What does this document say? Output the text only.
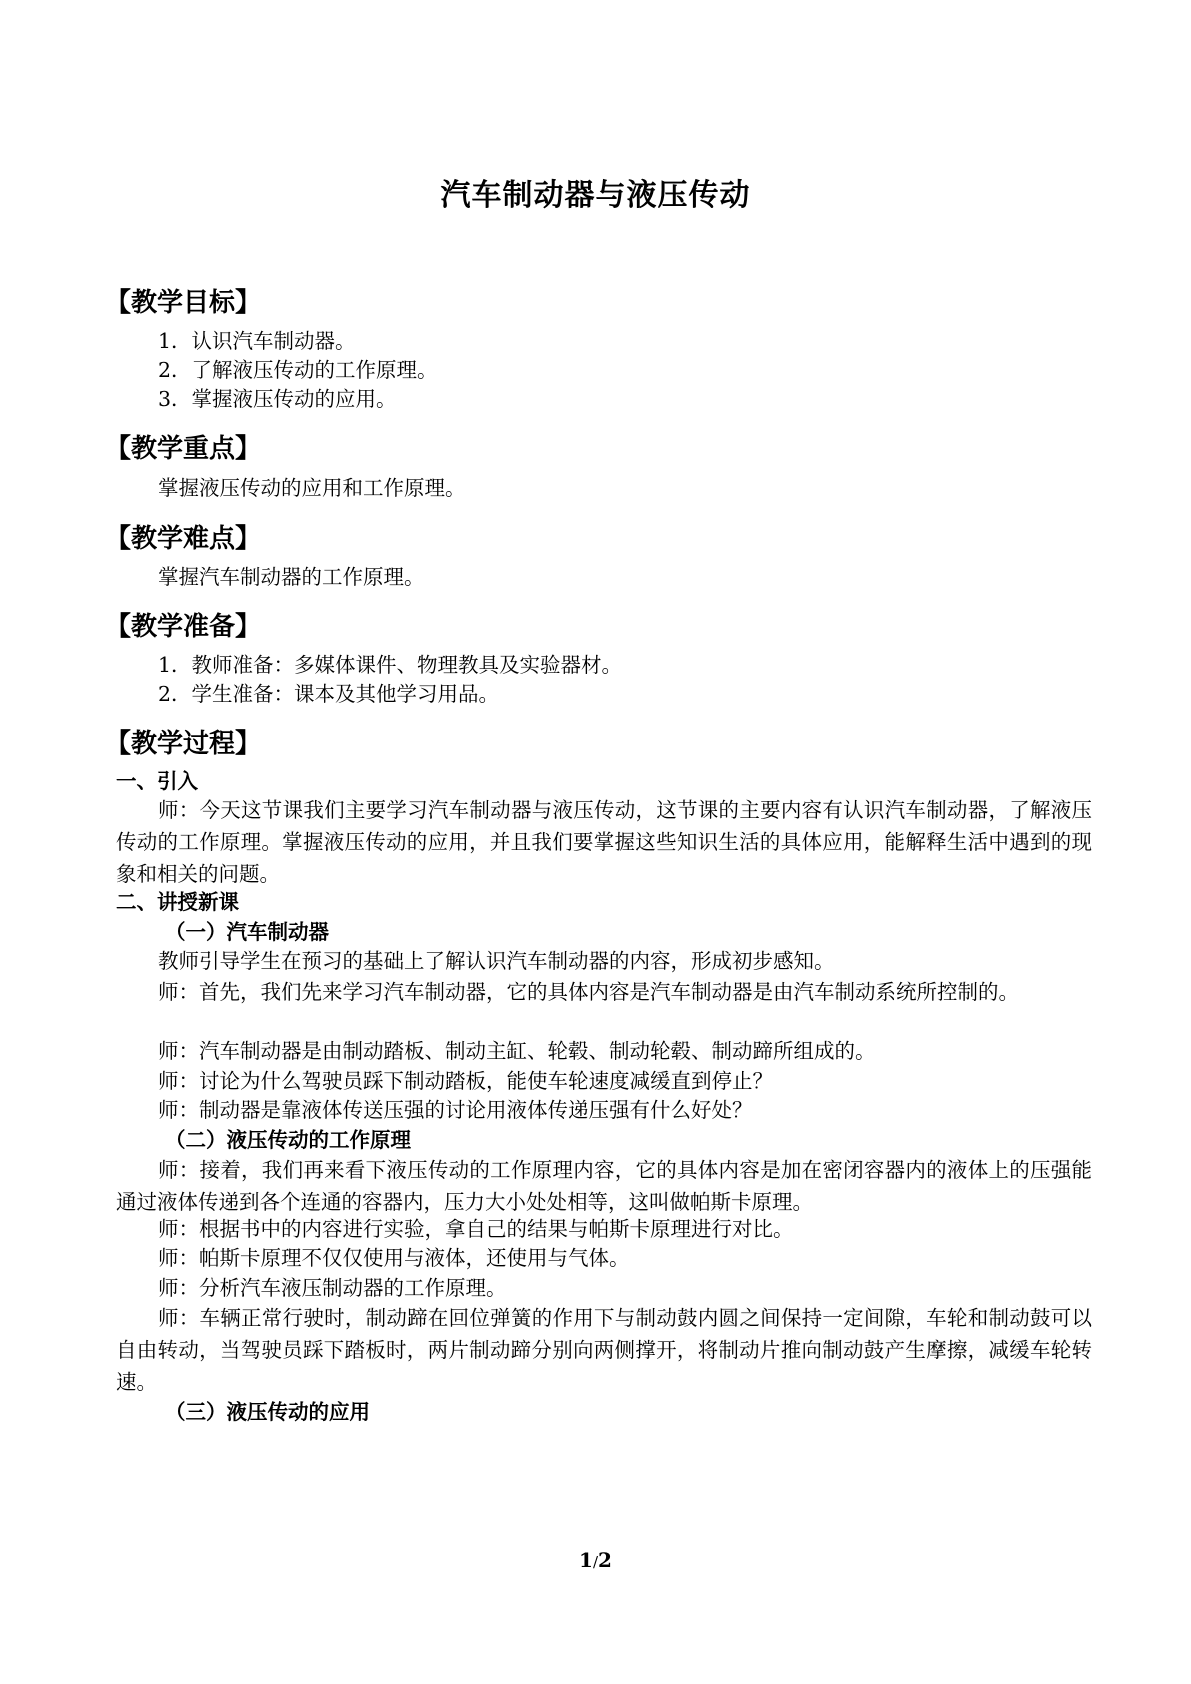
汽车制动器与液压传动
【教学目标】
1．认识汽车制动器。
2．了解液压传动的工作原理。
3．掌握液压传动的应用。
【教学重点】
掌握液压传动的应用和工作原理。
【教学难点】
掌握汽车制动器的工作原理。
【教学准备】
1．教师准备：多媒体课件、物理教具及实验器材。
2．学生准备：课本及其他学习用品。
【教学过程】
一、引入
师：今天这节课我们主要学习汽车制动器与液压传动，这节课的主要内容有认识汽车制动器，了解液压传动的工作原理。掌握液压传动的应用，并且我们要掌握这些知识生活的具体应用，能解释生活中遇到的现象和相关的问题。
二、讲授新课
（一）汽车制动器
教师引导学生在预习的基础上了解认识汽车制动器的内容，形成初步感知。
师：首先，我们先来学习汽车制动器，它的具体内容是汽车制动器是由汽车制动系统所控制的。
师：汽车制动器是由制动踏板、制动主缸、轮毂、制动轮毂、制动蹄所组成的。
师：讨论为什么驾驶员踩下制动踏板，能使车轮速度减缓直到停止？
师：制动器是靠液体传送压强的讨论用液体传递压强有什么好处？
（二）液压传动的工作原理
师：接着，我们再来看下液压传动的工作原理内容，它的具体内容是加在密闭容器内的液体上的压强能通过液体传递到各个连通的容器内，压力大小处处相等，这叫做帕斯卡原理。
师：根据书中的内容进行实验，拿自己的结果与帕斯卡原理进行对比。
师：帕斯卡原理不仅仅使用与液体，还使用与气体。
师：分析汽车液压制动器的工作原理。
师：车辆正常行驶时，制动蹄在回位弹簧的作用下与制动鼓内圆之间保持一定间隙，车轮和制动鼓可以自由转动，当驾驶员踩下踏板时，两片制动蹄分别向两侧撑开，将制动片推向制动鼓产生摩擦，减缓车轮转速。
（三）液压传动的应用
1/2
